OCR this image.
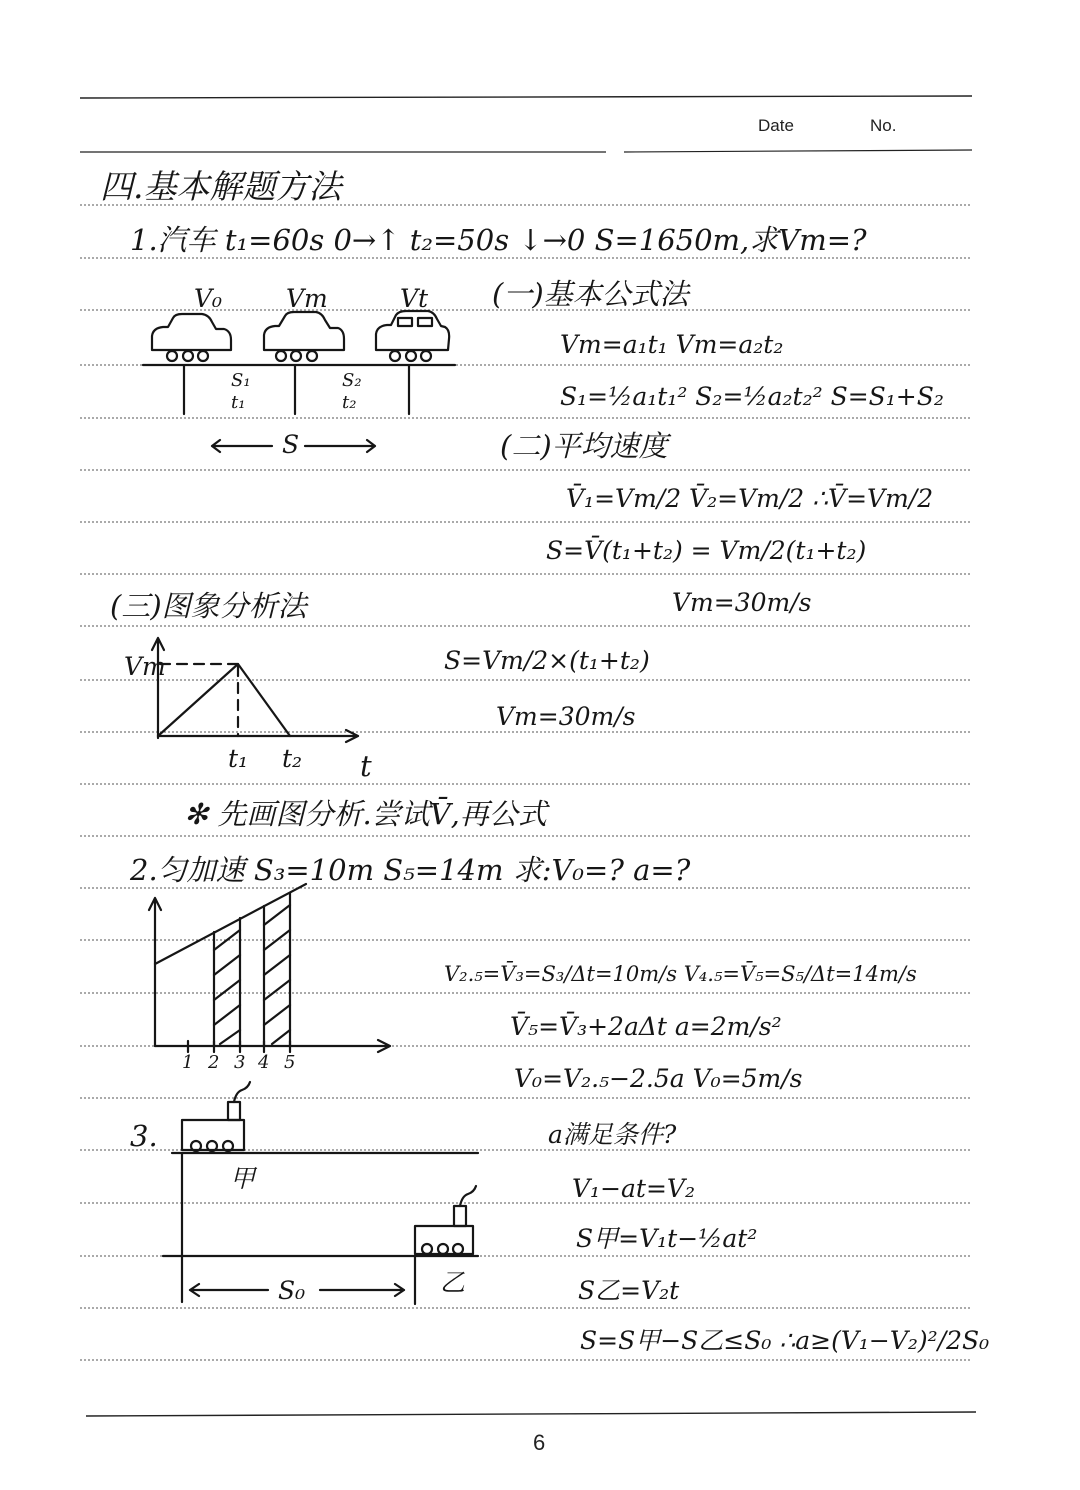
Date	No.
四.基本解题方法
1.汽车 t₁=60s 0→↑ t₂=50s ↓→0 S=1650m,求Vm=?
V₀	Vm	Vt
S₁
t₁
S₂
t₂
S
(一)基本公式法
Vm=a₁t₁ Vm=a₂t₂
S₁=½a₁t₁² S₂=½a₂t₂² S=S₁+S₂
(二)平均速度
V̄₁=Vm/2 V̄₂=Vm/2 ∴V̄=Vm/2
S=V̄(t₁+t₂) = Vm/2(t₁+t₂)
Vm=30m/s
(三)图象分析法
Vm
t₁ t₂ t
S=Vm/2×(t₁+t₂)
Vm=30m/s
✻ 先画图分析.尝试V̄,再公式
2.匀加速 S₃=10m S₅=14m 求:V₀=? a=?
1 2 3 4 5
V₂.₅=V̄₃=S₃/Δt=10m/s V₄.₅=V̄₅=S₅/Δt=14m/s
V̄₅=V̄₃+2aΔt a=2m/s²
V₀=V₂.₅−2.5a V₀=5m/s
3.
甲
乙
S₀
a满足条件?
V₁−at=V₂
S甲=V₁t−½at²
S乙=V₂t
S=S甲−S乙≤S₀ ∴a≥(V₁−V₂)²/2S₀
6
